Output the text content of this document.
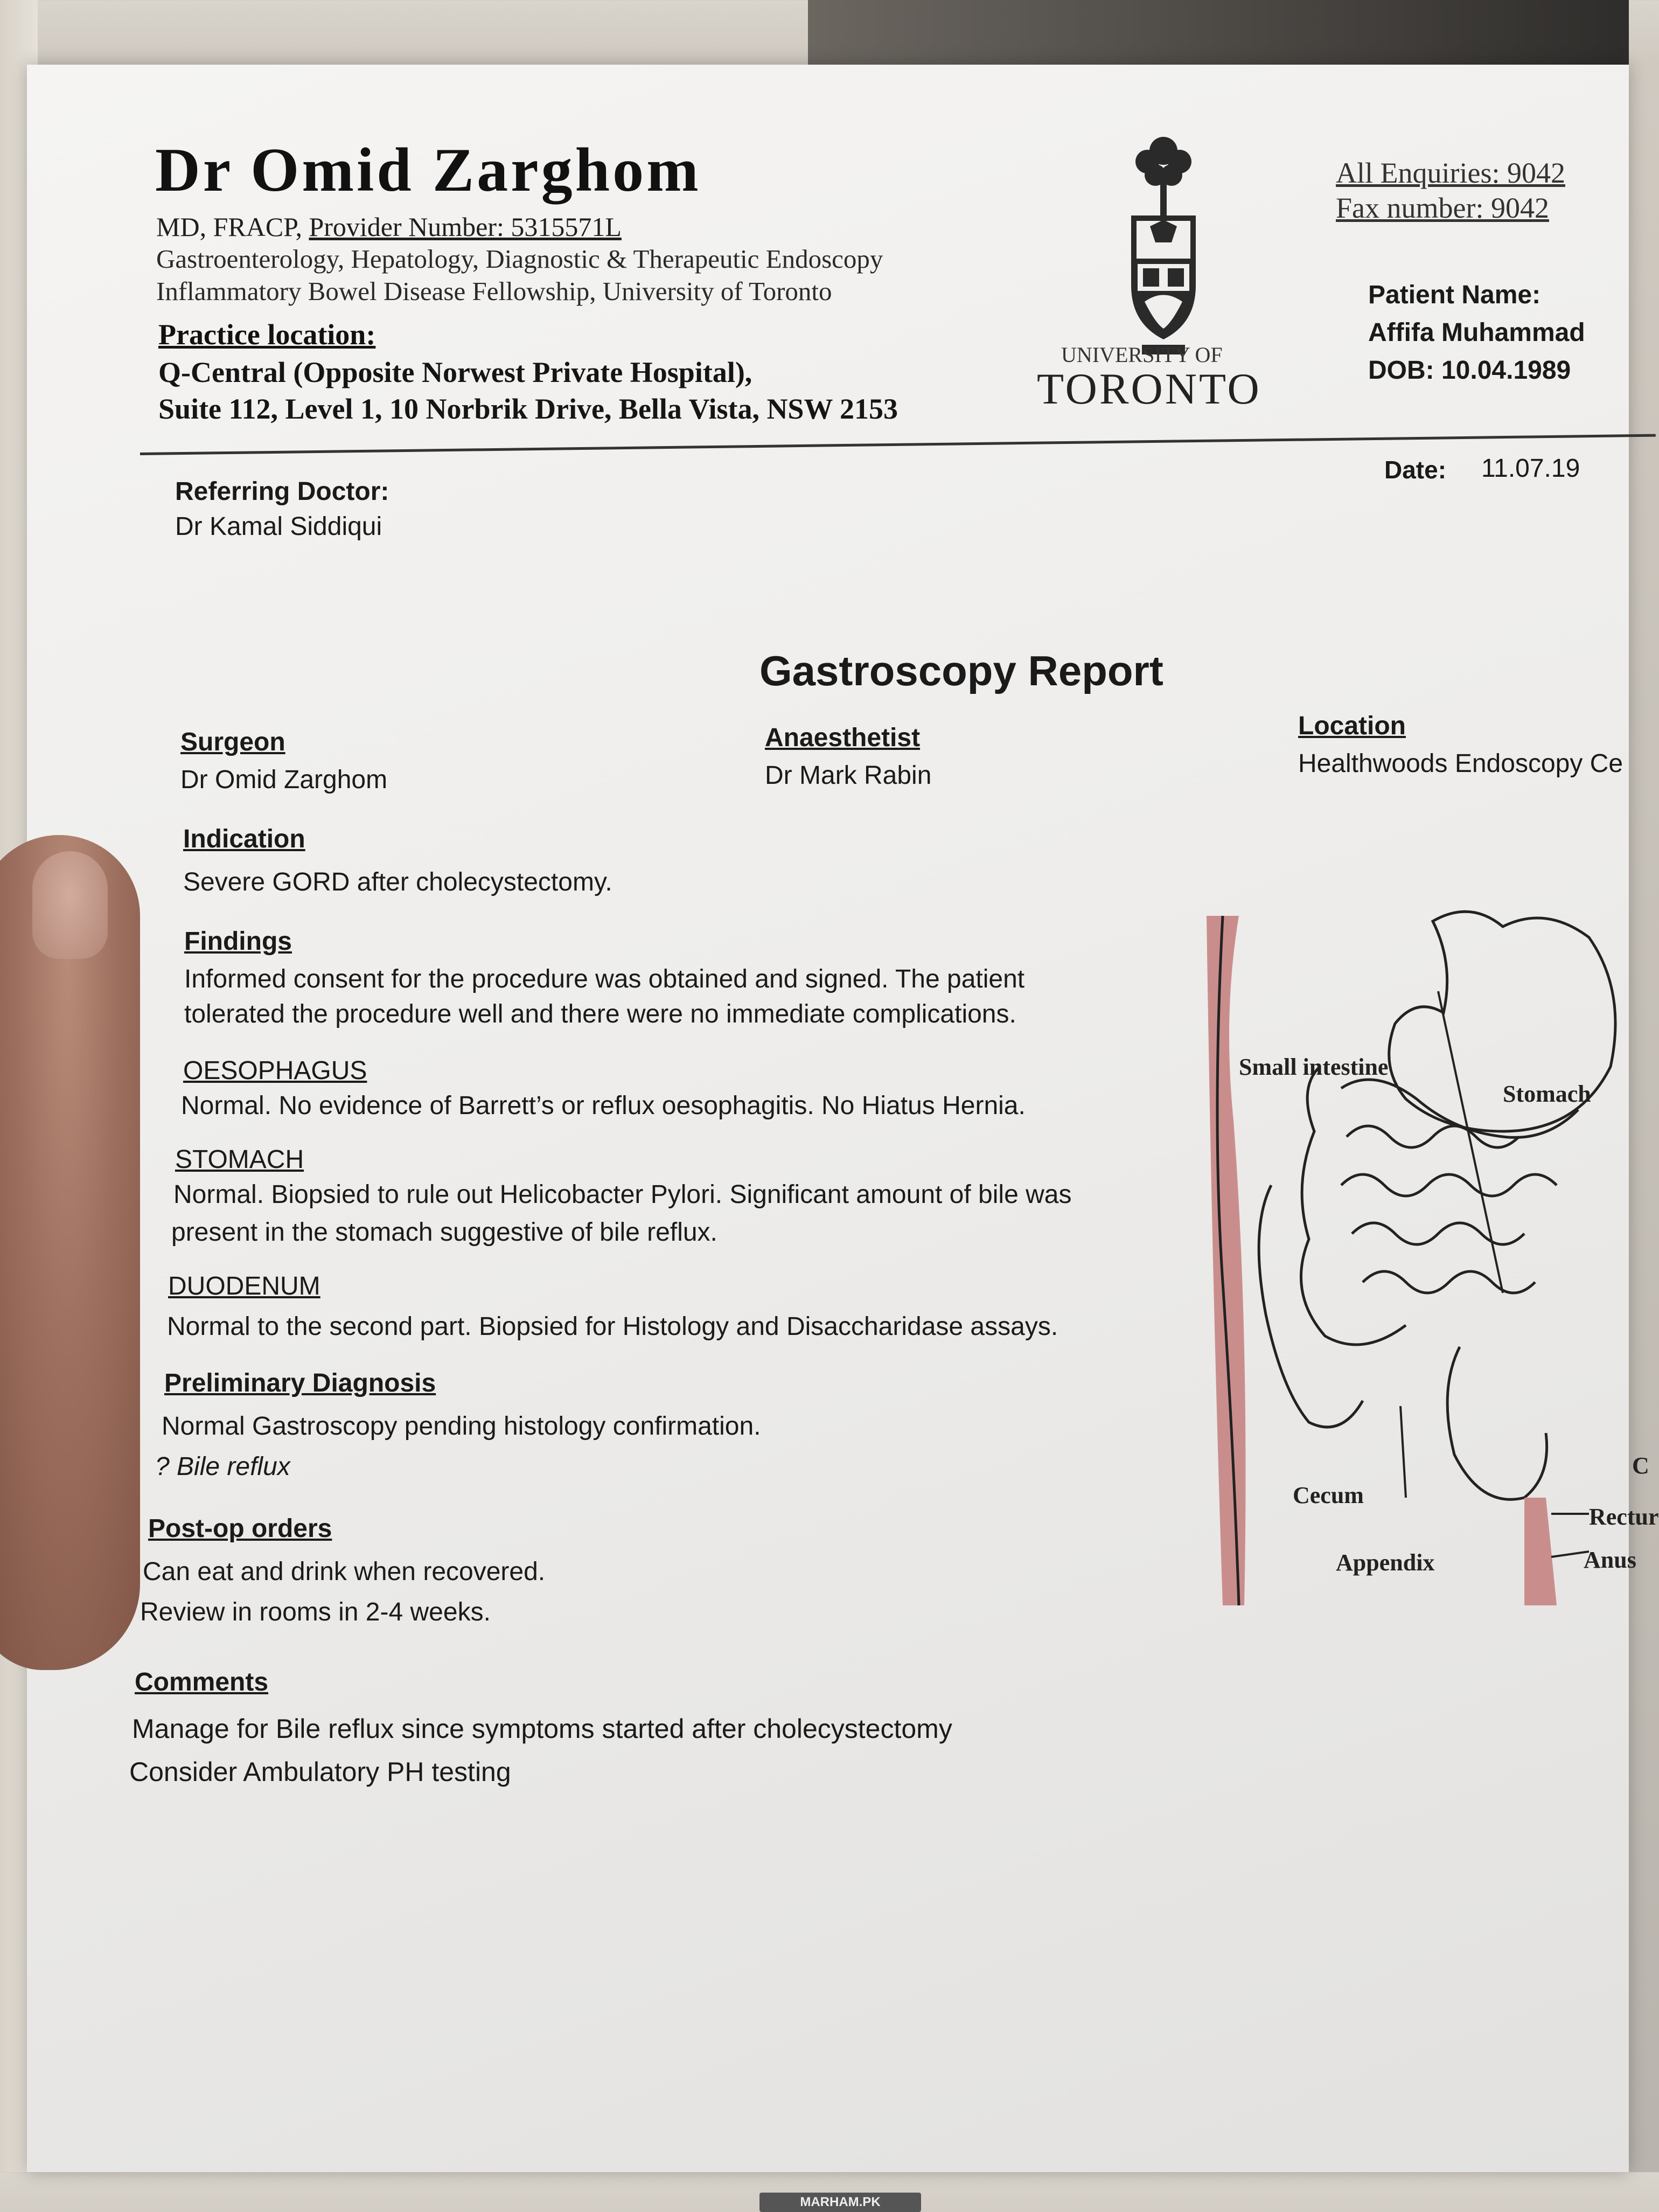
Dr Omid Zarghom
MD, FRACP, Provider Number: 5315571L
Gastroenterology, Hepatology, Diagnostic & Therapeutic Endoscopy
Inflammatory Bowel Disease Fellowship, University of Toronto
Practice location:
Q-Central (Opposite Norwest Private Hospital),
Suite 112, Level 1, 10 Norbrik Drive, Bella Vista, NSW 2153
UNIVERSITY OF
TORONTO
All Enquiries: 9042
Fax number: 9042
Patient Name:
Affifa Muhammad
DOB: 10.04.1989
Date: 11.07.19
Referring Doctor:
Dr Kamal Siddiqui
Gastroscopy Report
Surgeon
Dr Omid Zarghom
Anaesthetist
Dr Mark Rabin
Location
Healthwoods Endoscopy Ce
Indication
Severe GORD after cholecystectomy.
Findings
Informed consent for the procedure was obtained and signed. The patient
tolerated the procedure well and there were no immediate complications.
OESOPHAGUS
Normal. No evidence of Barrett’s or reflux oesophagitis. No Hiatus Hernia.
STOMACH
Normal. Biopsied to rule out Helicobacter Pylori. Significant amount of bile was
present in the stomach suggestive of bile reflux.
DUODENUM
Normal to the second part. Biopsied for Histology and Disaccharidase assays.
Preliminary Diagnosis
Normal Gastroscopy pending histology confirmation.
? Bile reflux
Post-op orders
Can eat and drink when recovered.
Review in rooms in 2-4 weeks.
Comments
Manage for Bile reflux since symptoms started after cholecystectomy
Consider Ambulatory PH testing
Small intestine
Stomach
Cecum
Appendix
Rectur
Anus
C
MARHAM.PK
